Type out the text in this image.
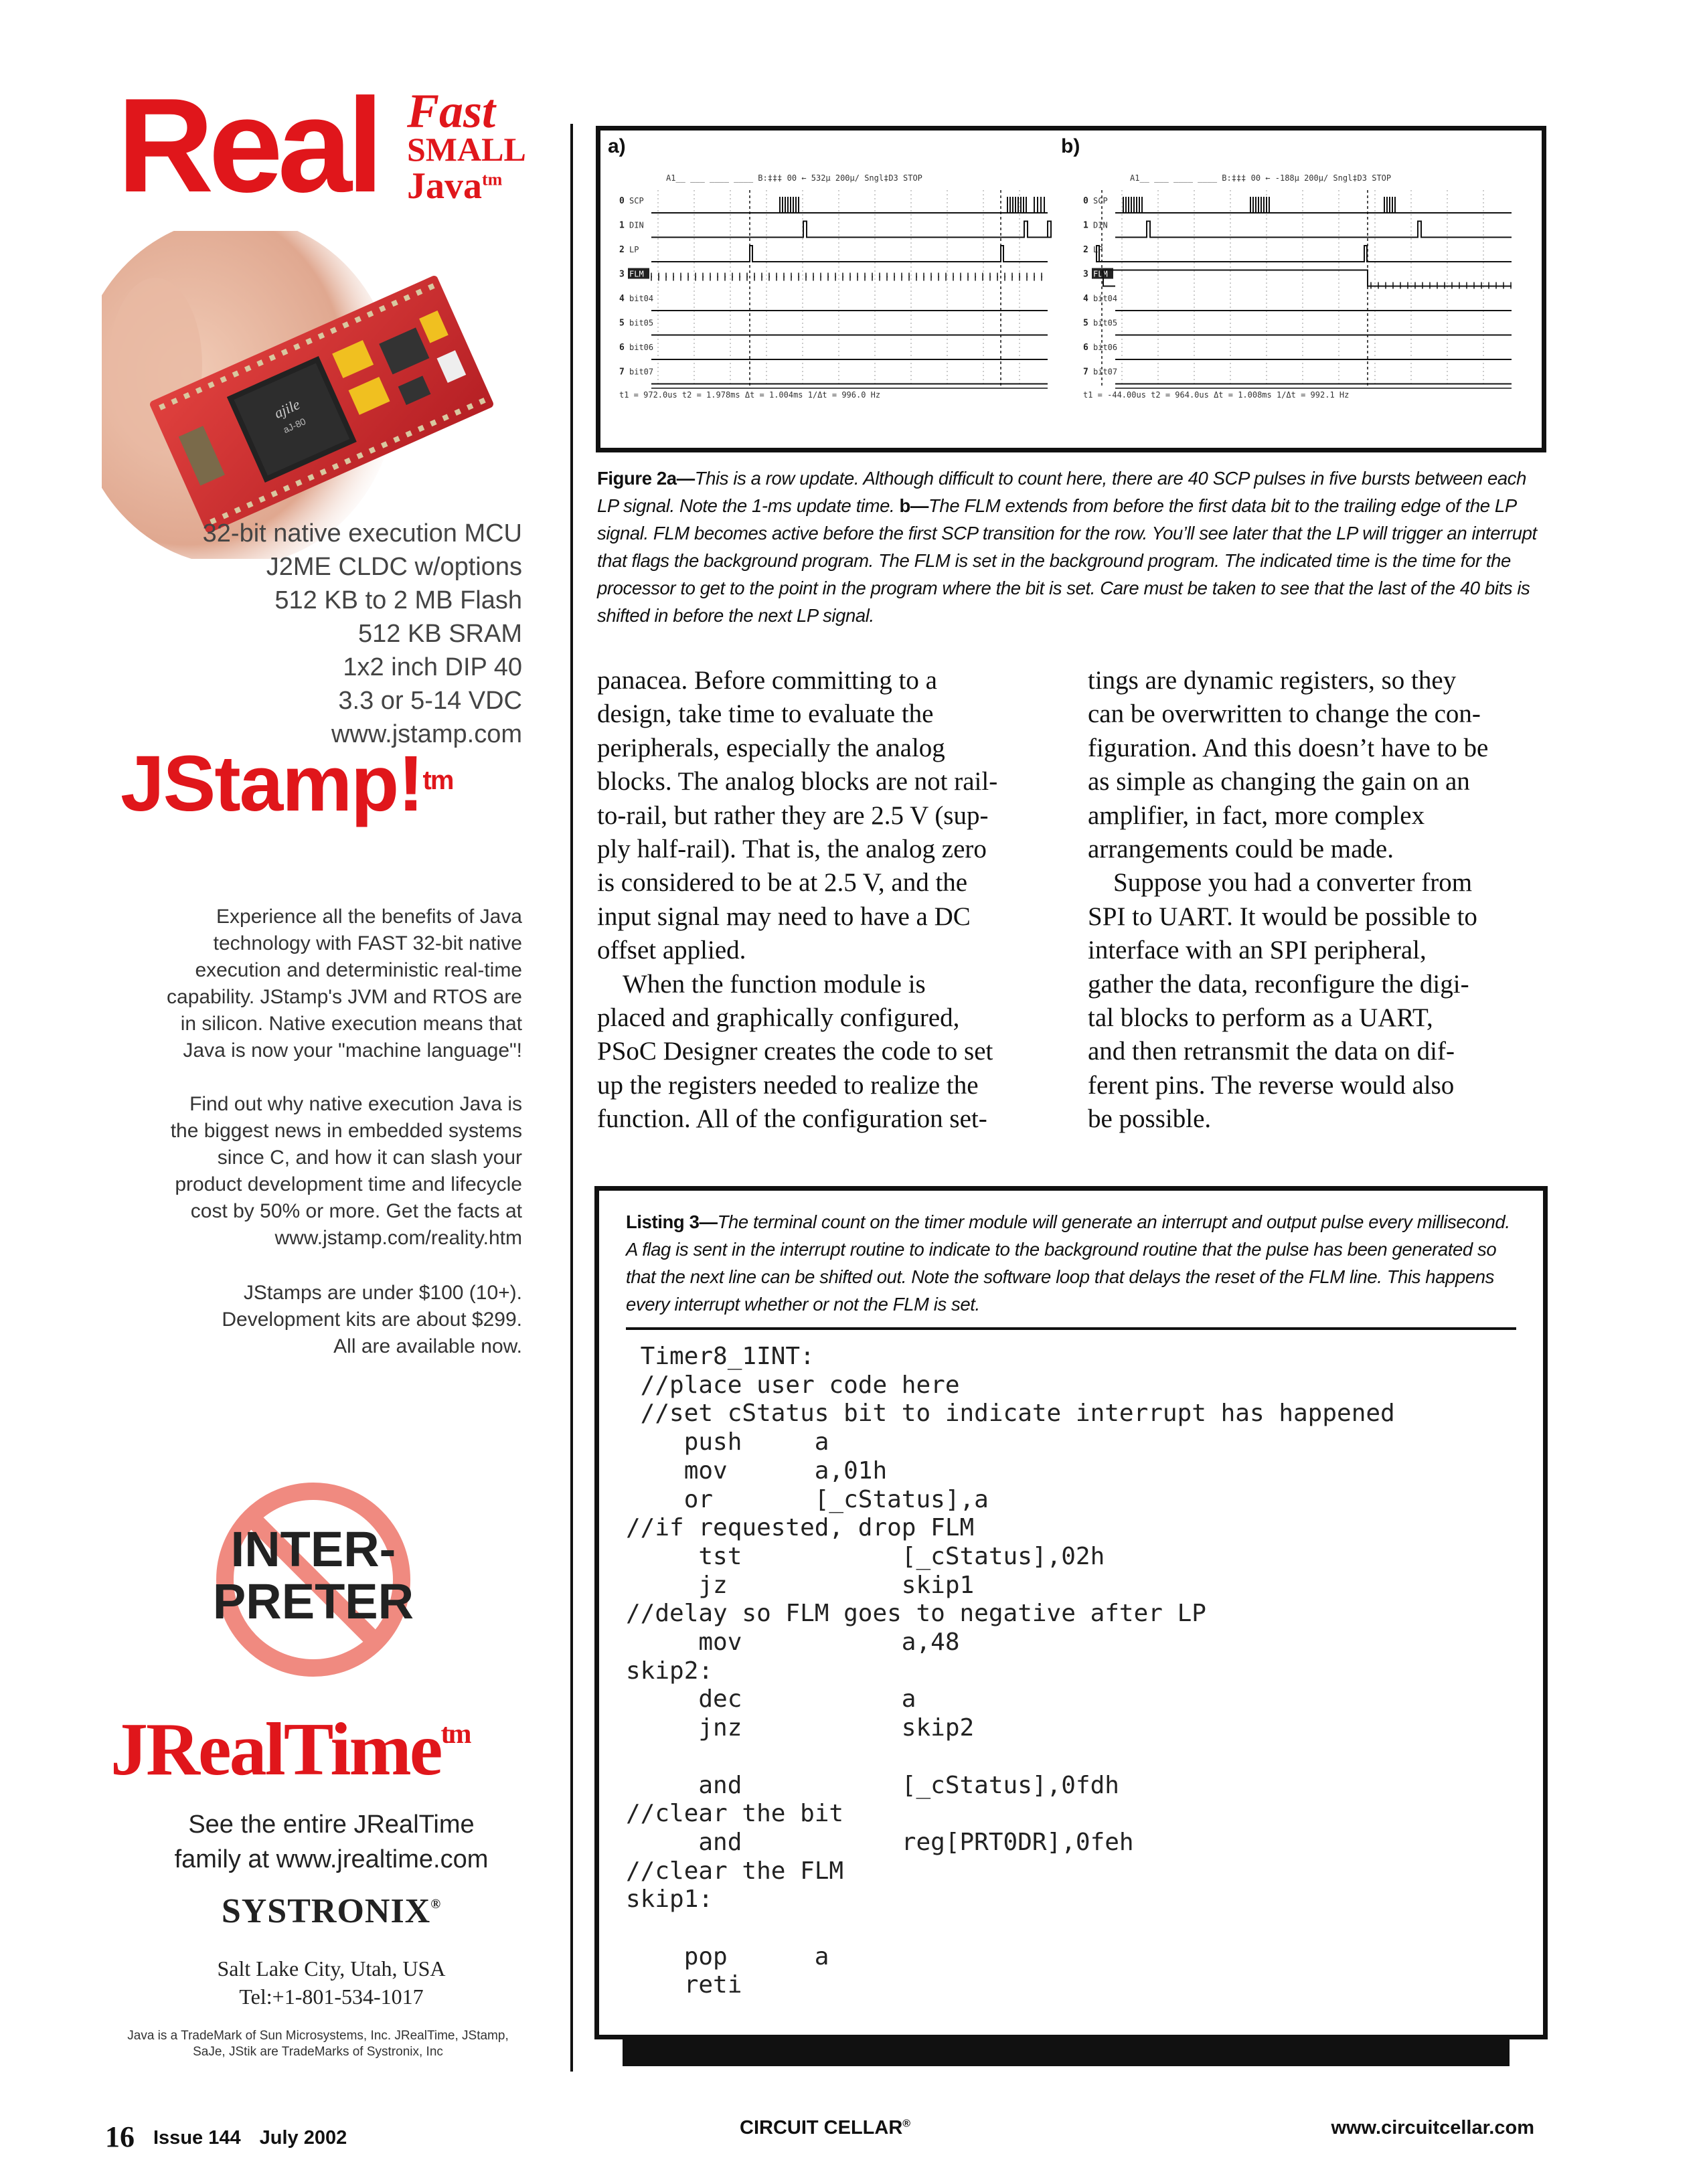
Real Fast
SMALL
Java$^{tm}$
ajile
aJ-80
32-bit native execution MCU
J2ME CLDC w/options
512 KB to 2 MB Flash
512 KB SRAM
1x2 inch DIP 40
3.3 or 5-14 VDC
www.jstamp.com
JStamp!$^{tm}$
Experience all the benefits of Java
technology with FAST 32-bit native
execution and deterministic real-time
capability. JStamp's JVM and RTOS are
in silicon. Native execution means that
Java is now your "machine language"!
Find out why native execution Java is
the biggest news in embedded systems
since C, and how it can slash your
product development time and lifecycle
cost by 50% or more. Get the facts at
www.jstamp.com/reality.htm
JStamps are under $100 (10+).
Development kits are about $299.
All are available now.
INTER-
PRETER
JRealTime$^{tm}$
See the entire JRealTime
family at www.jrealtime.com
SYSTRONIX®
Salt Lake City, Utah, USA
Tel:+1-801-534-1017
Java is a TradeMark of Sun Microsystems, Inc. JRealTime, JStamp,
SaJe, JStik are TradeMarks of Systronix, Inc
a)	b)
A1__ ___ ____ ____ B:‡‡‡ 00 ← 532µ 200µ/ Sngl‡D3 STOP
0 SCP
1 DIN
2 LP
3 FLM
4 bit04
5 bit05
6 bit06
7 bit07
t1 = 972.0us t2 = 1.978ms Δt = 1.004ms 1/Δt = 996.0 Hz
A1__ ___ ____ ____ B:‡‡‡ 00 ← -188µ 200µ/ Sngl‡D3 STOP
0 SCP
1 DIN
2 LP
3 FLM
4 bit04
5 bit05
6 bit06
7 bit07
t1 = -44.00us t2 = 964.0us Δt = 1.008ms 1/Δt = 992.1 Hz
Figure 2a—This is a row update. Although difficult to count here, there are 40 SCP pulses in five bursts between each LP signal. Note the 1-ms update time. b—The FLM extends from before the first data bit to the trailing edge of the LP signal. FLM becomes active before the first SCP transition for the row. You’ll see later that the LP will trigger an interrupt that flags the background program. The FLM is set in the background program. The indicated time is the time for the processor to get to the point in the program where the bit is set. Care must be taken to see that the last of the 40 bits is shifted in before the next LP signal.

panacea. Before committing to a
design, take time to evaluate the
peripherals, especially the analog
blocks. The analog blocks are not rail-
to-rail, but rather they are 2.5 V (sup-
ply half-rail). That is, the analog zero
is considered to be at 2.5 V, and the
input signal may need to have a DC
offset applied.

When the function module is
placed and graphically configured,
PSoC Designer creates the code to set
up the registers needed to realize the
function. All of the configuration set-

tings are dynamic registers, so they
can be overwritten to change the con-
figuration. And this doesn’t have to be
as simple as changing the gain on an
amplifier, in fact, more complex
arrangements could be made.

Suppose you had a converter from
SPI to UART. It would be possible to
interface with an SPI peripheral,
gather the data, reconfigure the digi-
tal blocks to perform as a UART,
and then retransmit the data on dif-
ferent pins. The reverse would also
be possible.

Listing 3—The terminal count on the timer module will generate an interrupt and output pulse every millisecond. A flag is sent in the interrupt routine to indicate to the background routine that the pulse has been generated so that the next line can be shifted out. Note the software loop that delays the reset of the FLM line. This happens every interrupt whether or not the FLM is set.
Timer8_1INT:
//place user code here
//set cStatus bit to indicate interrupt has happened
push     a
mov      a,01h
or       [_cStatus],a
//if requested, drop FLM
tst           [_cStatus],02h
jz            skip1
//delay so FLM goes to negative after LP
mov           a,48
skip2:
dec           a
jnz           skip2

and           [_cStatus],0fdh
//clear the bit
and           reg[PRT0DR],0feh
//clear the FLM
skip1:

pop      a
reti
16 Issue 144 July 2002	CIRCUIT CELLAR®	www.circuitcellar.com
